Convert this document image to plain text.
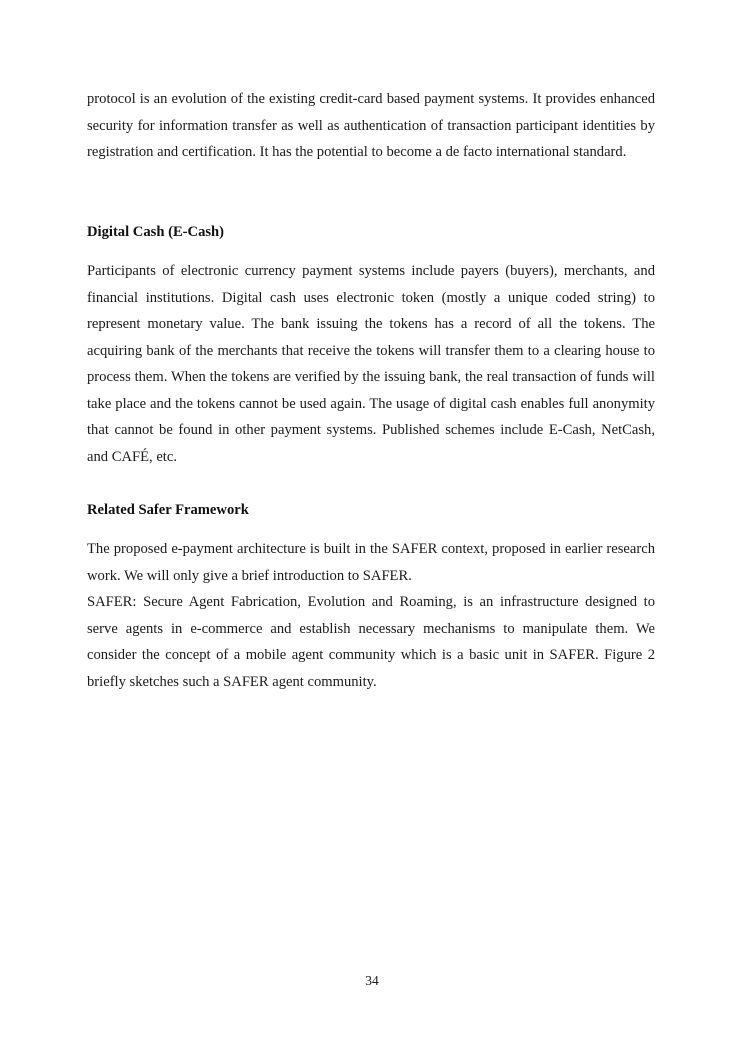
protocol is an evolution of the existing credit-card based payment systems. It provides enhanced security for information transfer as well as authentication of transaction participant identities by registration and certification. It has the potential to become a de facto international standard.

Digital Cash (E-Cash)

Participants of electronic currency payment systems include payers (buyers), merchants, and financial institutions. Digital cash uses electronic token (mostly a unique coded string) to represent monetary value. The bank issuing the tokens has a record of all the tokens. The acquiring bank of the merchants that receive the tokens will transfer them to a clearing house to process them. When the tokens are verified by the issuing bank, the real transaction of funds will take place and the tokens cannot be used again. The usage of digital cash enables full anonymity that cannot be found in other payment systems. Published schemes include E-Cash, NetCash, and CAFÉ, etc.

Related Safer Framework

The proposed e-payment architecture is built in the SAFER context, proposed in earlier research work. We will only give a brief introduction to SAFER.

SAFER: Secure Agent Fabrication, Evolution and Roaming, is an infrastructure designed to serve agents in e-commerce and establish necessary mechanisms to manipulate them. We consider the concept of a mobile agent community which is a basic unit in SAFER. Figure 2 briefly sketches such a SAFER agent community.

34
